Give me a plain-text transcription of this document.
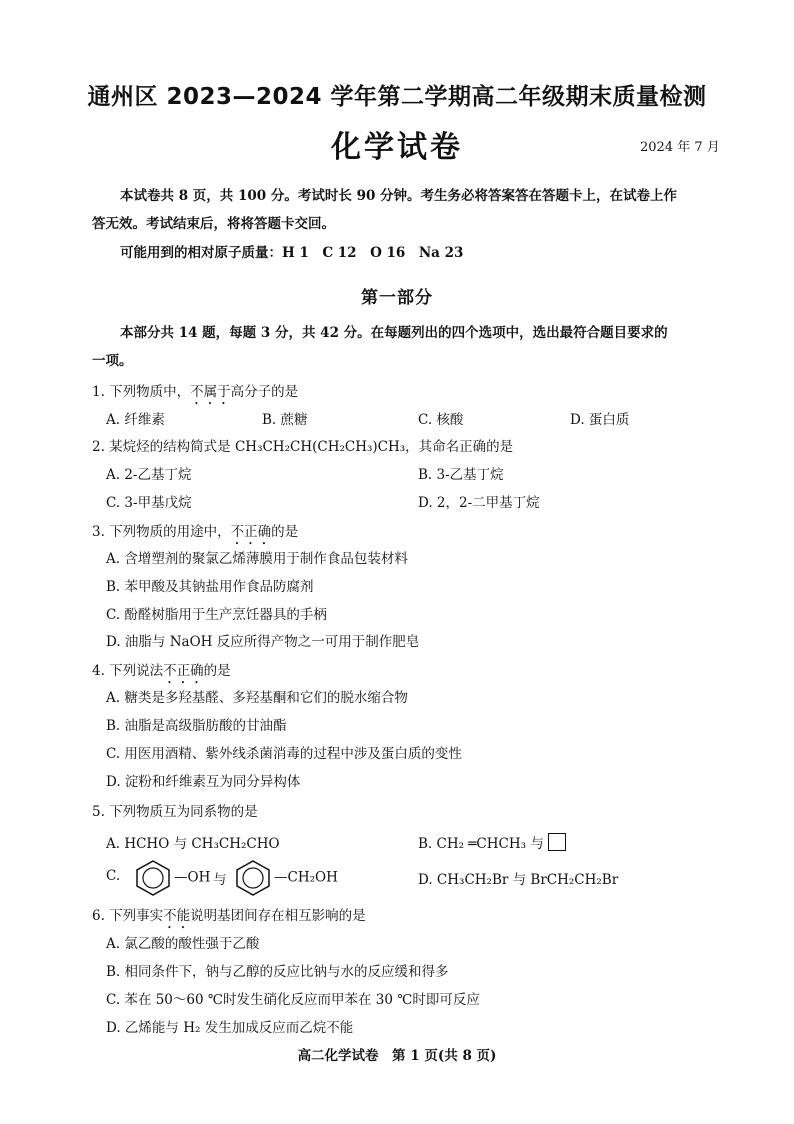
通州区 2023—2024 学年第二学期高二年级期末质量检测
化学试卷	2024 年 7 月
本试卷共 8 页，共 100 分。考试时长 90 分钟。考生务必将答案答在答题卡上，在试卷上作
答无效。考试结束后，将将答题卡交回。
可能用到的相对原子质量：H 1　C 12　O 16　Na 23
第一部分
本部分共 14 题，每题 3 分，共 42 分。在每题列出的四个选项中，选出最符合题目要求的
一项。
1. 下列物质中，不属于高分子的是
A. 纤维素	B. 蔗糖	C. 核酸	D. 蛋白质
2. 某烷烃的结构简式是 CH₃CH₂CH(CH₂CH₃)CH₃，其命名正确的是
A. 2-乙基丁烷	B. 3-乙基丁烷
C. 3-甲基戊烷	D. 2，2-二甲基丁烷
3. 下列物质的用途中，不正确的是
A. 含增塑剂的聚氯乙烯薄膜用于制作食品包装材料
B. 苯甲酸及其钠盐用作食品防腐剂
C. 酚醛树脂用于生产烹饪器具的手柄
D. 油脂与 NaOH 反应所得产物之一可用于制作肥皂
4. 下列说法不正确的是
A. 糖类是多羟基醛、多羟基酮和它们的脱水缩合物
B. 油脂是高级脂肪酸的甘油酯
C. 用医用酒精、紫外线杀菌消毒的过程中涉及蛋白质的变性
D. 淀粉和纤维素互为同分异构体
5. 下列物质互为同系物的是
A. HCHO 与 CH₃CH₂CHO	B. CH₂ ═CHCH₃ 与
C.	—OH 与	—CH₂OH	D. CH₃CH₂Br 与 BrCH₂CH₂Br
6. 下列事实不能说明基团间存在相互影响的是
A. 氯乙酸的酸性强于乙酸
B. 相同条件下，钠与乙醇的反应比钠与水的反应缓和得多
C. 苯在 50～60 ℃时发生硝化反应而甲苯在 30 ℃时即可反应
D. 乙烯能与 H₂ 发生加成反应而乙烷不能
高二化学试卷　第 1 页(共 8 页)
